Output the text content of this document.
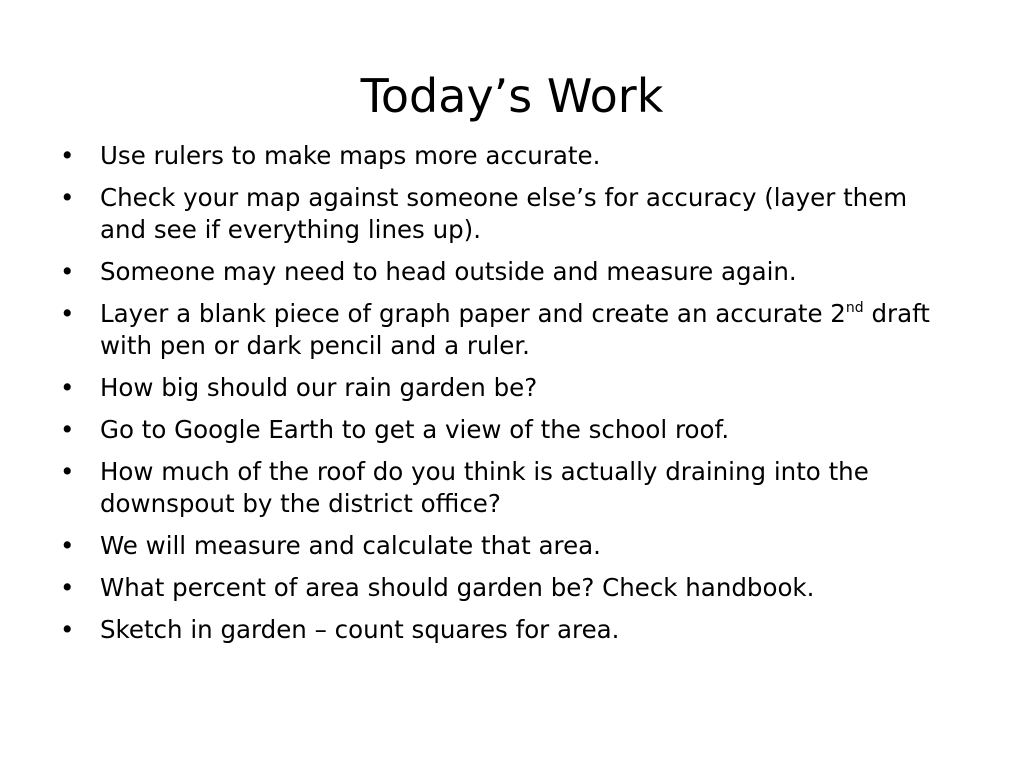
Today’s Work
• Use rulers to make maps more accurate.
• Check your map against someone else’s for accuracy (layer them and see if everything lines up).
• Someone may need to head outside and measure again.
• Layer a blank piece of graph paper and create an accurate 2nd draft with pen or dark pencil and a ruler.
• How big should our rain garden be?
• Go to Google Earth to get a view of the school roof.
• How much of the roof do you think is actually draining into the downspout by the district office?
• We will measure and calculate that area.
• What percent of area should garden be? Check handbook.
• Sketch in garden – count squares for area.
